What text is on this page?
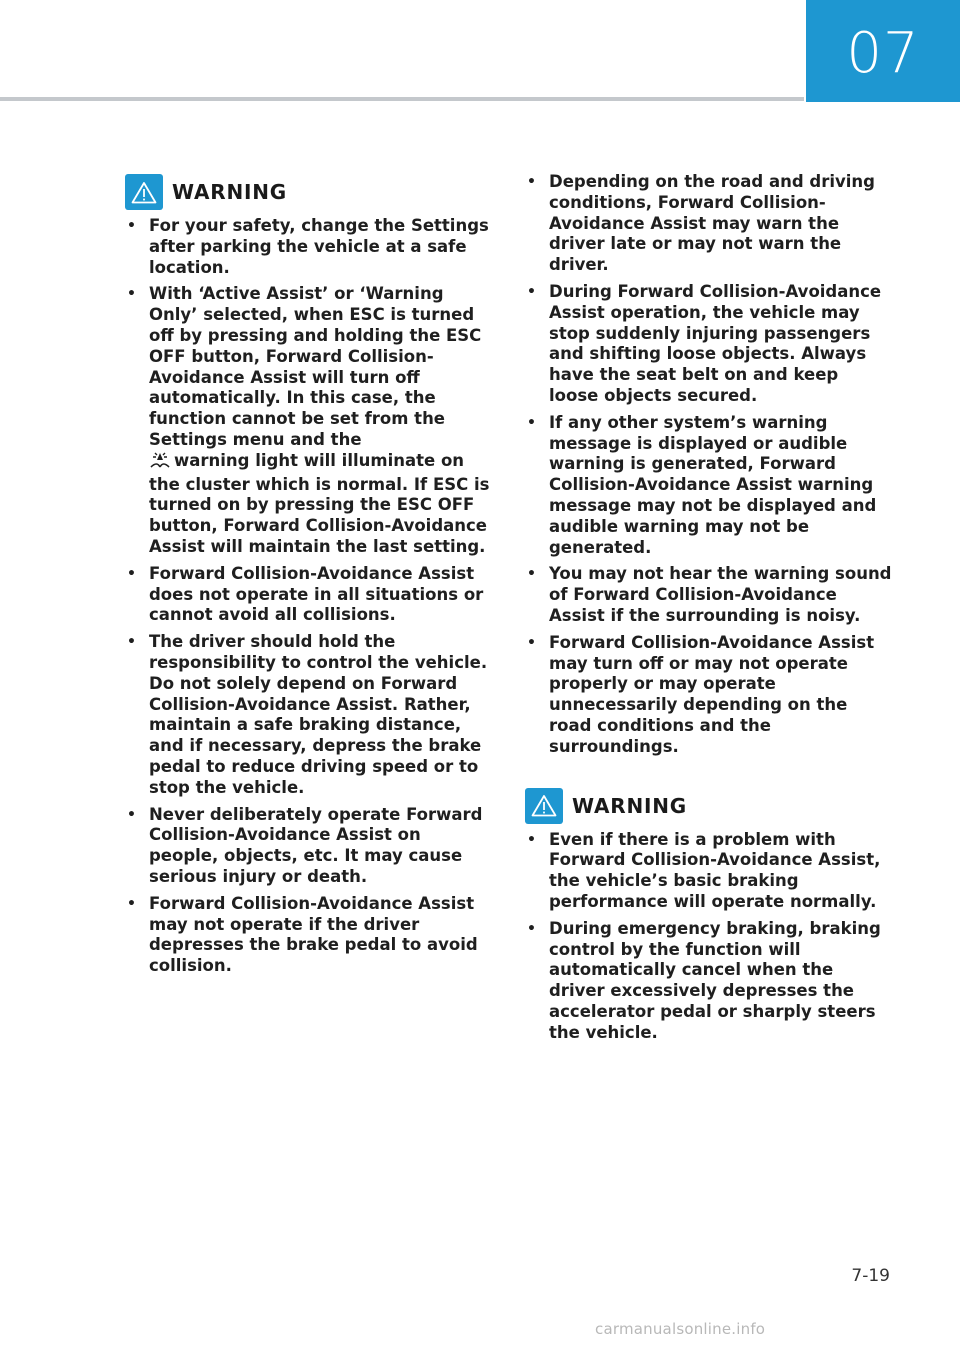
07
WARNING
• For your safety, change the Settings after parking the vehicle at a safe location.
• With ‘Active Assist’ or ‘Warning Only’ selected, when ESC is turned off by pressing and holding the ESC OFF button, Forward Collision-Avoidance Assist will turn off automatically. In this case, the function cannot be set from the Settings menu and the
warning light will illuminate on the cluster which is normal. If ESC is turned on by pressing the ESC OFF button, Forward Collision-Avoidance Assist will maintain the last setting.
• Forward Collision-Avoidance Assist does not operate in all situations or cannot avoid all collisions.
• The driver should hold the responsibility to control the vehicle. Do not solely depend on Forward Collision-Avoidance Assist. Rather, maintain a safe braking distance, and if necessary, depress the brake pedal to reduce driving speed or to stop the vehicle.
• Never deliberately operate Forward Collision-Avoidance Assist on people, objects, etc. It may cause serious injury or death.
• Forward Collision-Avoidance Assist may not operate if the driver depresses the brake pedal to avoid collision.
• Depending on the road and driving conditions, Forward Collision-Avoidance Assist may warn the driver late or may not warn the driver.
• During Forward Collision-Avoidance Assist operation, the vehicle may stop suddenly injuring passengers and shifting loose objects. Always have the seat belt on and keep loose objects secured.
• If any other system’s warning message is displayed or audible warning is generated, Forward Collision-Avoidance Assist warning message may not be displayed and audible warning may not be generated.
• You may not hear the warning sound of Forward Collision-Avoidance Assist if the surrounding is noisy.
• Forward Collision-Avoidance Assist may turn off or may not operate properly or may operate unnecessarily depending on the road conditions and the surroundings.
WARNING
• Even if there is a problem with Forward Collision-Avoidance Assist, the vehicle’s basic braking performance will operate normally.
• During emergency braking, braking control by the function will automatically cancel when the driver excessively depresses the accelerator pedal or sharply steers the vehicle.
7-19
carmanualsonline.info
